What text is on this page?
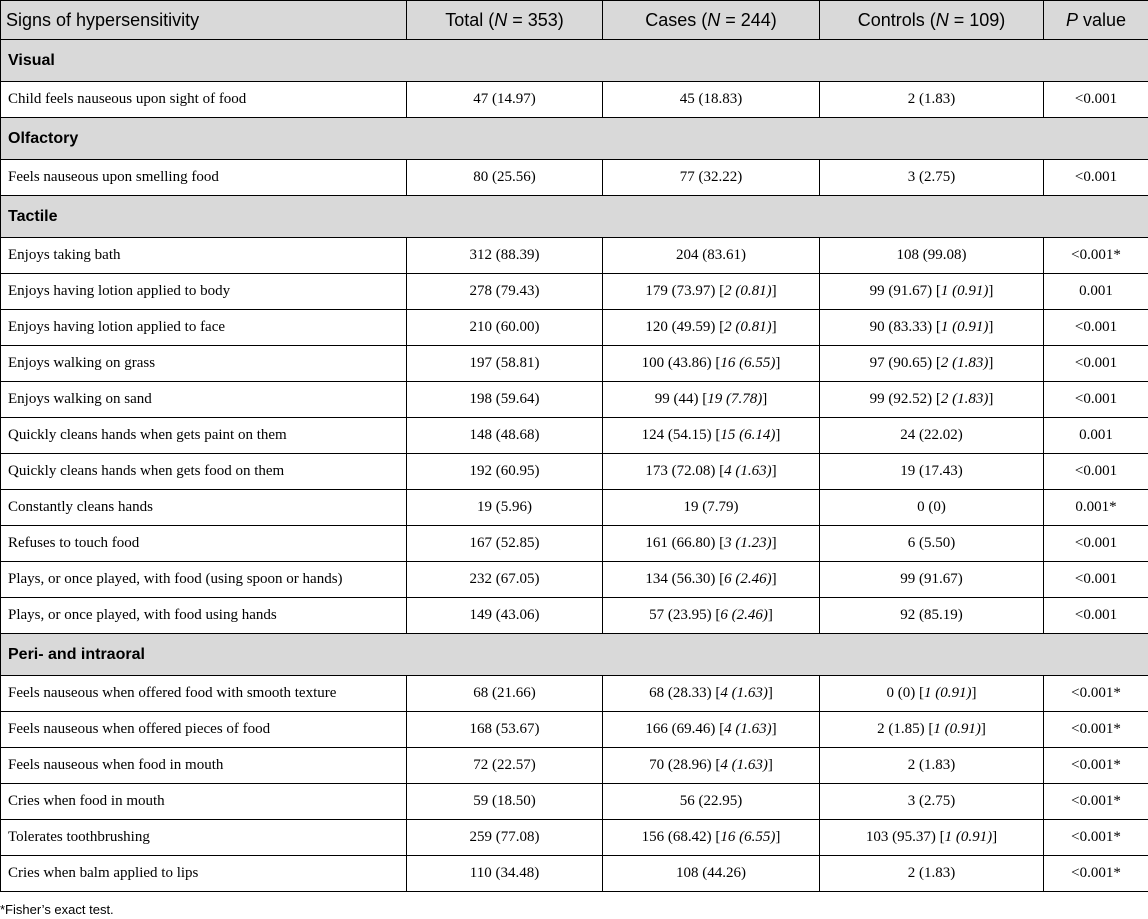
Signs of hypersensitivity	Total (N = 353)	Cases (N = 244)	Controls (N = 109)	P value
Visual				
Child feels nauseous upon sight of food	47 (14.97)	45 (18.83)	2 (1.83)	<0.001
Olfactory				
Feels nauseous upon smelling food	80 (25.56)	77 (32.22)	3 (2.75)	<0.001
Tactile				
Enjoys taking bath	312 (88.39)	204 (83.61)	108 (99.08)	<0.001*
Enjoys having lotion applied to body	278 (79.43)	179 (73.97) [2 (0.81)]	99 (91.67) [1 (0.91)]	0.001
Enjoys having lotion applied to face	210 (60.00)	120 (49.59) [2 (0.81)]	90 (83.33) [1 (0.91)]	<0.001
Enjoys walking on grass	197 (58.81)	100 (43.86) [16 (6.55)]	97 (90.65) [2 (1.83)]	<0.001
Enjoys walking on sand	198 (59.64)	99 (44) [19 (7.78)]	99 (92.52) [2 (1.83)]	<0.001
Quickly cleans hands when gets paint on them	148 (48.68)	124 (54.15) [15 (6.14)]	24 (22.02)	0.001
Quickly cleans hands when gets food on them	192 (60.95)	173 (72.08) [4 (1.63)]	19 (17.43)	<0.001
Constantly cleans hands	19 (5.96)	19 (7.79)	0 (0)	0.001*
Refuses to touch food	167 (52.85)	161 (66.80) [3 (1.23)]	6 (5.50)	<0.001
Plays, or once played, with food (using spoon or hands)	232 (67.05)	134 (56.30) [6 (2.46)]	99 (91.67)	<0.001
Plays, or once played, with food using hands	149 (43.06)	57 (23.95) [6 (2.46)]	92 (85.19)	<0.001
Peri- and intraoral				
Feels nauseous when offered food with smooth texture	68 (21.66)	68 (28.33) [4 (1.63)]	0 (0) [1 (0.91)]	<0.001*
Feels nauseous when offered pieces of food	168 (53.67)	166 (69.46) [4 (1.63)]	2 (1.85) [1 (0.91)]	<0.001*
Feels nauseous when food in mouth	72 (22.57)	70 (28.96) [4 (1.63)]	2 (1.83)	<0.001*
Cries when food in mouth	59 (18.50)	56 (22.95)	3 (2.75)	<0.001*
Tolerates toothbrushing	259 (77.08)	156 (68.42) [16 (6.55)]	103 (95.37) [1 (0.91)]	<0.001*
Cries when balm applied to lips	110 (34.48)	108 (44.26)	2 (1.83)	<0.001*
*Fisher’s exact test.
